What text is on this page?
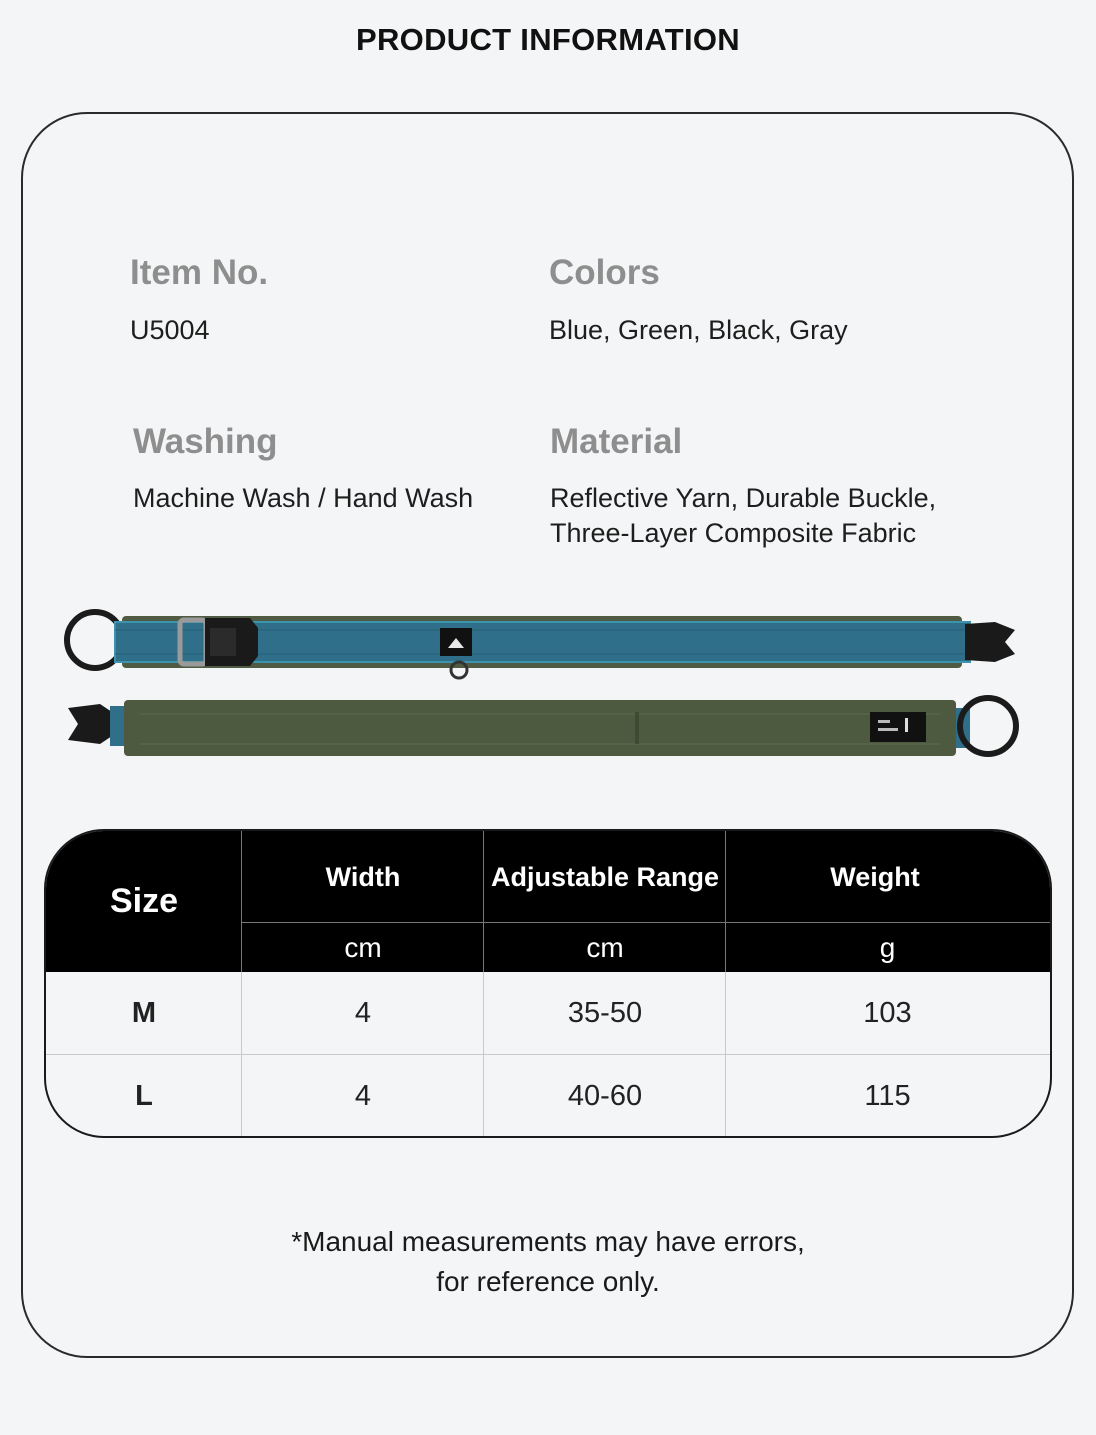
PRODUCT INFORMATION
Item No.
U5004
Colors
Blue, Green, Black, Gray
Washing
Machine Wash / Hand Wash
Material
Reflective Yarn, Durable Buckle,
Three-Layer Composite Fabric
Size
Width	Adjustable Range	Weight
cm	cm	g
M	4	35-50	103
L	4	40-60	115
*Manual measurements may have errors,
for reference only.
